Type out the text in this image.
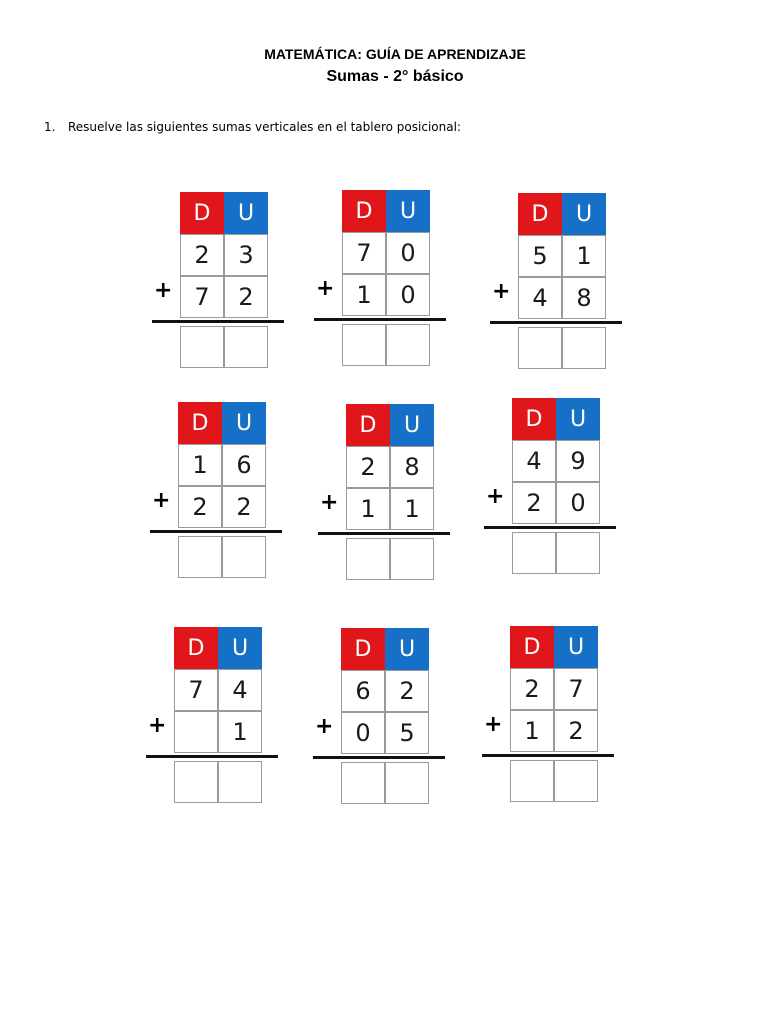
MATEMÁTICA: GUÍA DE APRENDIZAJE
Sumas - 2° básico
1. Resuelve las siguientes sumas verticales en el tablero posicional:
D	U
2	3
+ 7	2
D	U
7	0
+ 1	0
D	U
5	1
+ 4	8
D	U
1	6
+ 2	2
D	U
2	8
+ 1	1
D	U
4	9
+ 2	0
D	U
7	4
+	1
D	U
6	2
+ 0	5
D	U
2	7
+ 1	2
